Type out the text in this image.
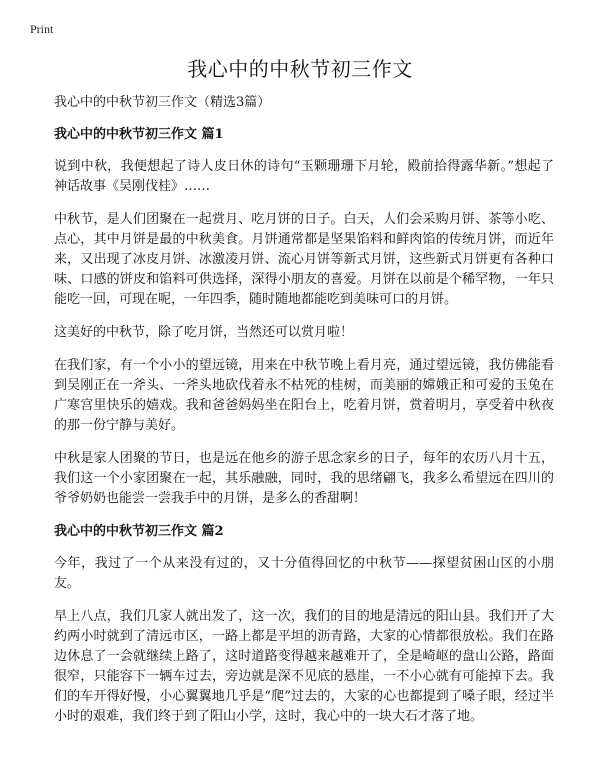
Print
我心中的中秋节初三作文

我心中的中秋节初三作文（精选3篇）

我心中的中秋节初三作文 篇1

说到中秋，我便想起了诗人皮日休的诗句“玉颗珊珊下月轮，殿前拾得露华新。”想起了神话故事《吴刚伐桂》……

中秋节，是人们团聚在一起赏月、吃月饼的日子。白天，人们会采购月饼、茶等小吃、点心，其中月饼是最的中秋美食。月饼通常都是坚果馅料和鲜肉馅的传统月饼，而近年来，又出现了冰皮月饼、冰激凌月饼、流心月饼等新式月饼，这些新式月饼更有各种口味、口感的饼皮和馅料可供选择，深得小朋友的喜爱。月饼在以前是个稀罕物，一年只能吃一回，可现在呢，一年四季，随时随地都能吃到美味可口的月饼。

这美好的中秋节，除了吃月饼，当然还可以赏月啦！

在我们家，有一个小小的望远镜，用来在中秋节晚上看月亮，通过望远镜，我仿佛能看到吴刚正在一斧头、一斧头地砍伐着永不枯死的桂树，而美丽的嫦娥正和可爱的玉兔在广寒宫里快乐的嬉戏。我和爸爸妈妈坐在阳台上，吃着月饼，赏着明月，享受着中秋夜的那一份宁静与美好。

中秋是家人团聚的节日，也是远在他乡的游子思念家乡的日子，每年的农历八月十五，我们这一个小家团聚在一起，其乐融融，同时，我的思绪翩飞，我多么希望远在四川的爷爷奶奶也能尝一尝我手中的月饼，是多么的香甜啊！

我心中的中秋节初三作文 篇2

今年，我过了一个从来没有过的，又十分值得回忆的中秋节——探望贫困山区的小朋友。

早上八点，我们几家人就出发了，这一次，我们的目的地是清远的阳山县。我们开了大约两小时就到了清远市区，一路上都是平坦的沥青路，大家的心情都很放松。我们在路边休息了一会就继续上路了，这时道路变得越来越难开了，全是崎岖的盘山公路，路面很窄，只能容下一辆车过去，旁边就是深不见底的悬崖，一不小心就有可能掉下去。我们的车开得好慢，小心翼翼地几乎是“爬”过去的，大家的心也都提到了嗓子眼，经过半小时的艰难，我们终于到了阳山小学，这时，我心中的一块大石才落了地。
